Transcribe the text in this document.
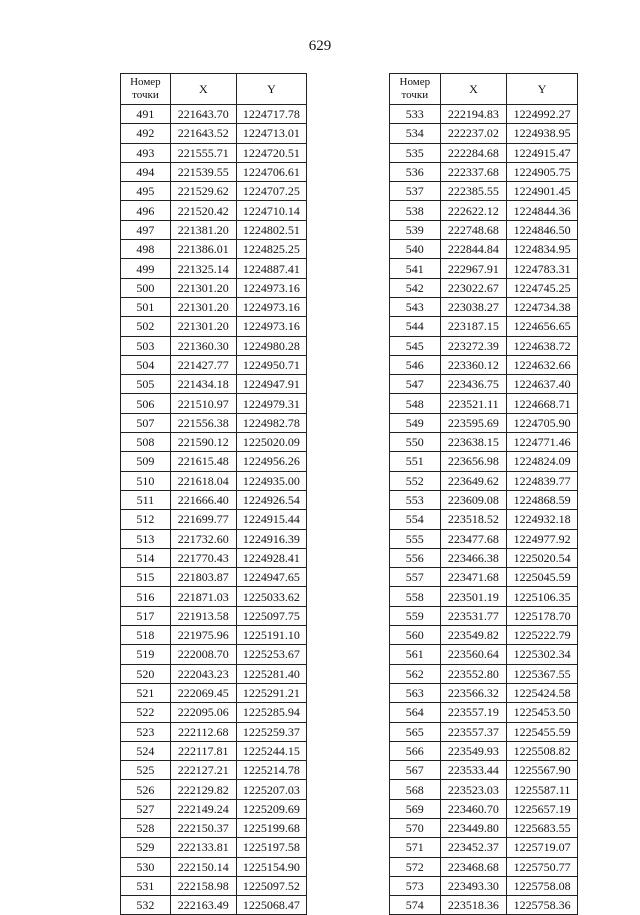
629
Номер точки	X	Y
491	221643.70	1224717.78
492	221643.52	1224713.01
493	221555.71	1224720.51
494	221539.55	1224706.61
495	221529.62	1224707.25
496	221520.42	1224710.14
497	221381.20	1224802.51
498	221386.01	1224825.25
499	221325.14	1224887.41
500	221301.20	1224973.16
501	221301.20	1224973.16
502	221301.20	1224973.16
503	221360.30	1224980.28
504	221427.77	1224950.71
505	221434.18	1224947.91
506	221510.97	1224979.31
507	221556.38	1224982.78
508	221590.12	1225020.09
509	221615.48	1224956.26
510	221618.04	1224935.00
511	221666.40	1224926.54
512	221699.77	1224915.44
513	221732.60	1224916.39
514	221770.43	1224928.41
515	221803.87	1224947.65
516	221871.03	1225033.62
517	221913.58	1225097.75
518	221975.96	1225191.10
519	222008.70	1225253.67
520	222043.23	1225281.40
521	222069.45	1225291.21
522	222095.06	1225285.94
523	222112.68	1225259.37
524	222117.81	1225244.15
525	222127.21	1225214.78
526	222129.82	1225207.03
527	222149.24	1225209.69
528	222150.37	1225199.68
529	222133.81	1225197.58
530	222150.14	1225154.90
531	222158.98	1225097.52
532	222163.49	1225068.47
Номер точки	X	Y
533	222194.83	1224992.27
534	222237.02	1224938.95
535	222284.68	1224915.47
536	222337.68	1224905.75
537	222385.55	1224901.45
538	222622.12	1224844.36
539	222748.68	1224846.50
540	222844.84	1224834.95
541	222967.91	1224783.31
542	223022.67	1224745.25
543	223038.27	1224734.38
544	223187.15	1224656.65
545	223272.39	1224638.72
546	223360.12	1224632.66
547	223436.75	1224637.40
548	223521.11	1224668.71
549	223595.69	1224705.90
550	223638.15	1224771.46
551	223656.98	1224824.09
552	223649.62	1224839.77
553	223609.08	1224868.59
554	223518.52	1224932.18
555	223477.68	1224977.92
556	223466.38	1225020.54
557	223471.68	1225045.59
558	223501.19	1225106.35
559	223531.77	1225178.70
560	223549.82	1225222.79
561	223560.64	1225302.34
562	223552.80	1225367.55
563	223566.32	1225424.58
564	223557.19	1225453.50
565	223557.37	1225455.59
566	223549.93	1225508.82
567	223533.44	1225567.90
568	223523.03	1225587.11
569	223460.70	1225657.19
570	223449.80	1225683.55
571	223452.37	1225719.07
572	223468.68	1225750.77
573	223493.30	1225758.08
574	223518.36	1225758.36
